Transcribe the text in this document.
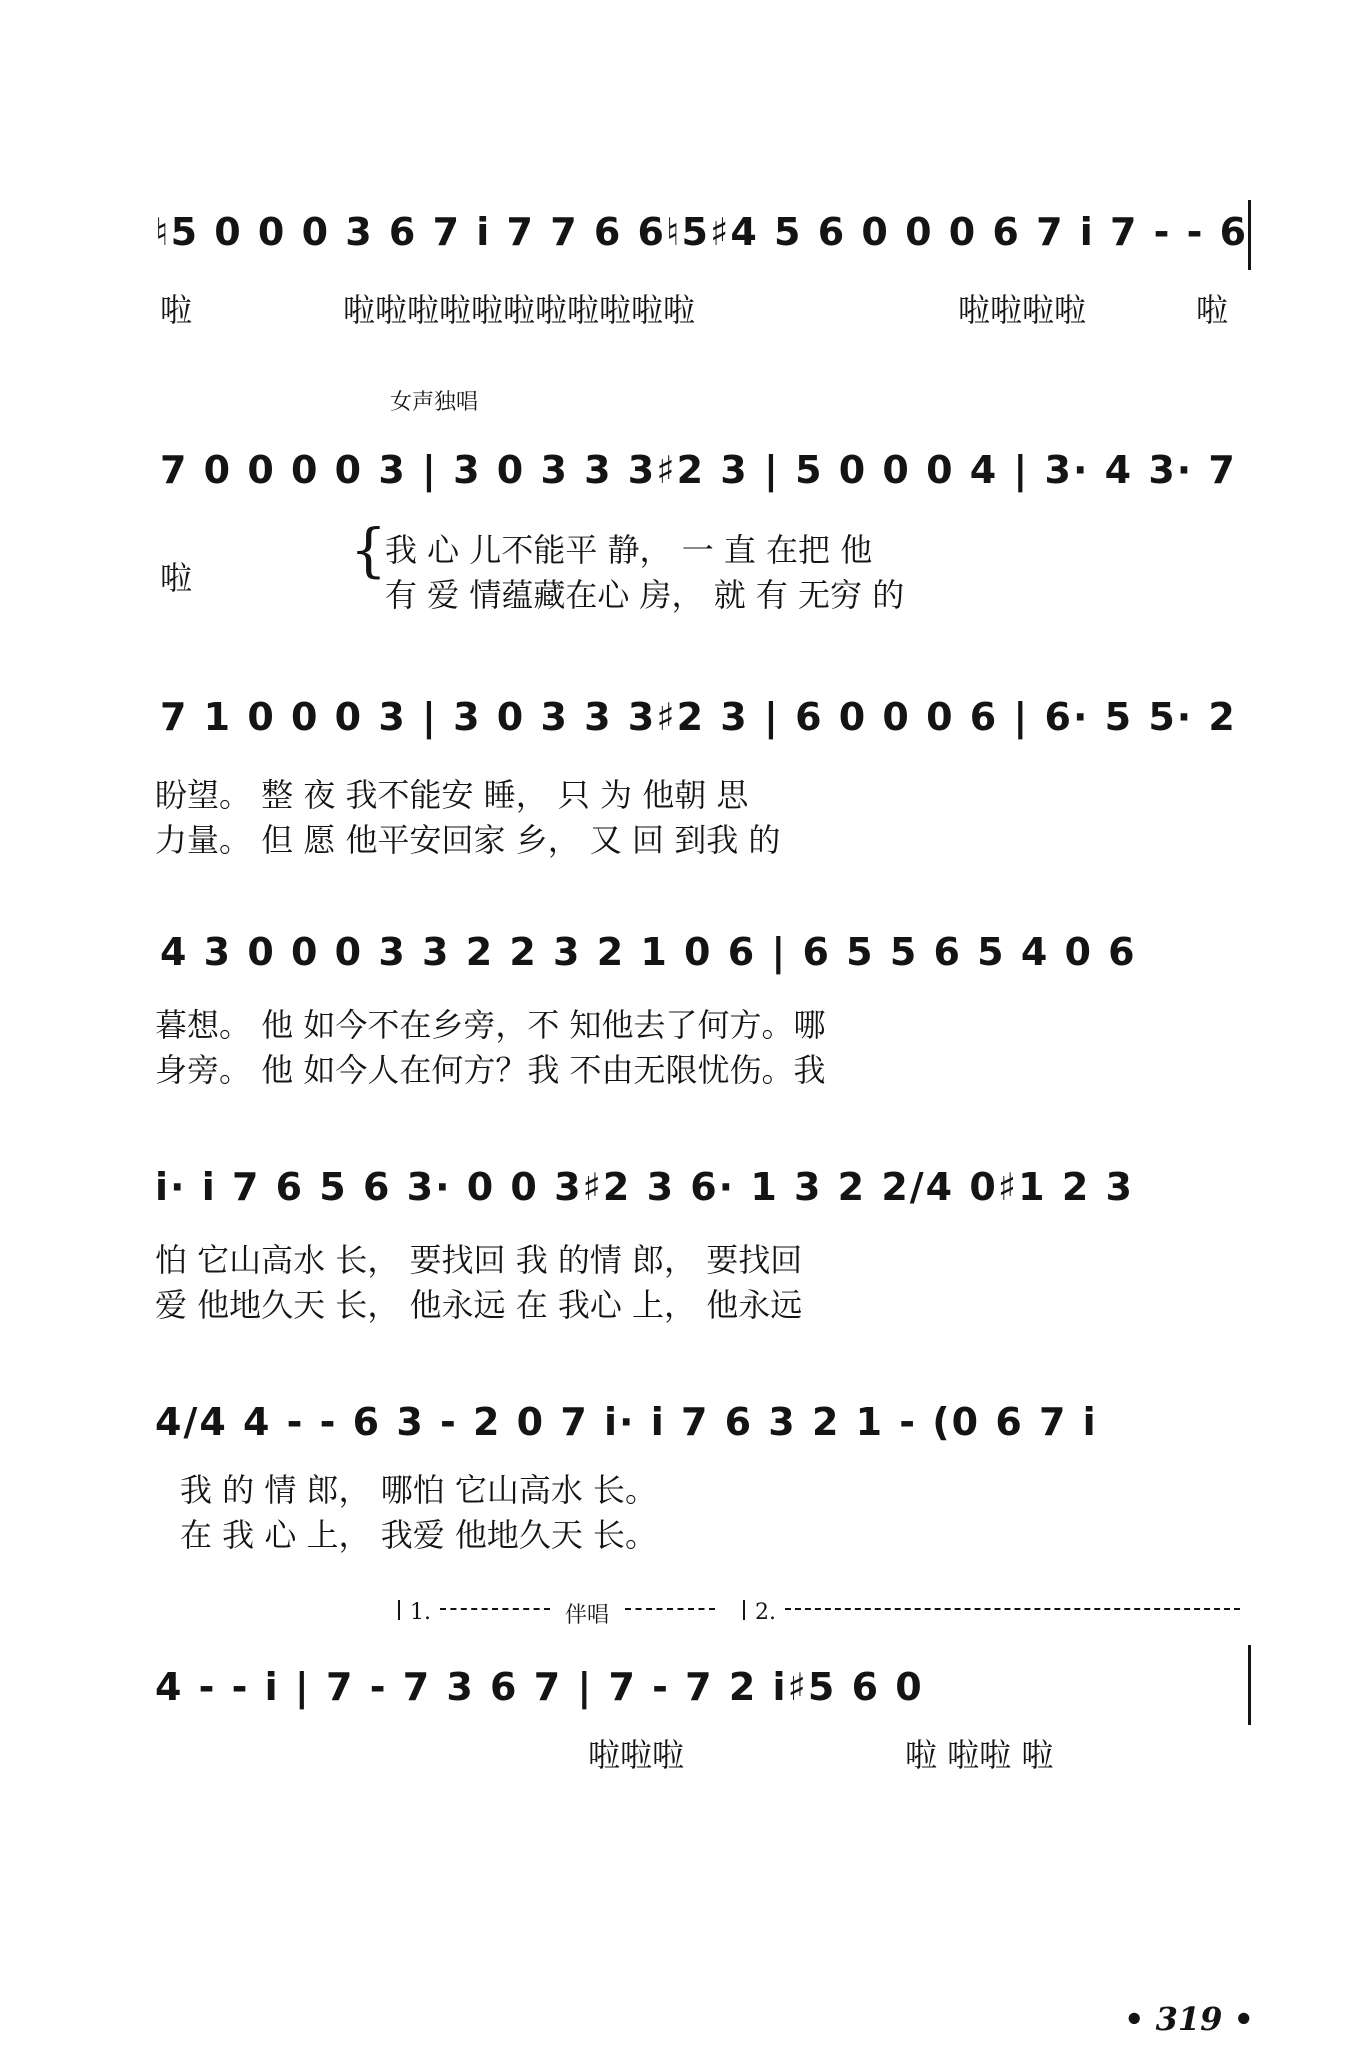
♮5 0 0 0 3 6 7 i 7 7 6 6♮5♯4 5 6 0 0 0 6 7 i 7 - - 6
啦	啦啦啦啦啦啦啦啦啦啦啦	啦啦啦啦	啦
女声独唱
7 0 0 0 0 3 | 3 0 3 3 3♯2 3 | 5 0 0 0 4 | 3· 4 3· 7
啦	{
我 心 儿不能平 静， 一 直 在把 他
有 爱 情蕴藏在心 房， 就 有 无穷 的
7 1 0 0 0 3 | 3 0 3 3 3♯2 3 | 6 0 0 0 6 | 6· 5 5· 2
盼望。 整 夜 我不能安 睡， 只 为 他朝 思
力量。 但 愿 他平安回家 乡， 又 回 到我 的
4 3 0 0 0 3 3 2 2 3 2 1 0 6 | 6 5 5 6 5 4 0 6
暮想。 他 如今不在乡旁，不 知他去了何方。哪
身旁。 他 如今人在何方？我 不由无限忧伤。我
i· i 7 6 5 6 3· 0 0 3♯2 3 6· 1 3 2 2/4 0♯1 2 3
怕 它山高水 长， 要找回 我 的情 郎， 要找回
爱 他地久天 长， 他永远 在 我心 上， 他永远
4/4 4 - - 6 3 - 2 0 7 i· i 7 6 3 2 1 - (0 6 7 i
我 的 情 郎， 哪怕 它山高水 长。
在 我 心 上， 我爱 他地久天 长。
1.	伴唱	2.
4 - - i | 7 - 7 3 6 7 | 7 - 7 2 i♯5 6 0
啦啦啦	啦 啦啦 啦
• 319 •
